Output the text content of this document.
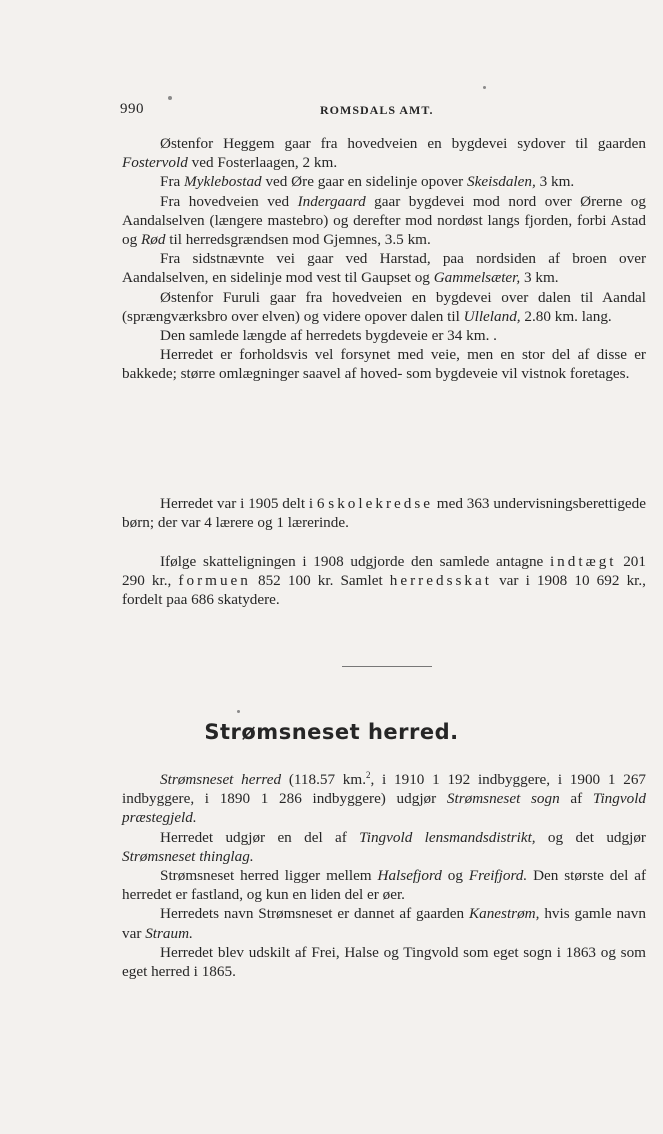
990	ROMSDALS AMT.

Østenfor Heggem gaar fra hovedveien en bygdevei sydover til gaarden Fostervold ved Fosterlaagen, 2 km.

Fra Myklebostad ved Øre gaar en sidelinje opover Skeisdalen, 3 km.

Fra hovedveien ved Indergaard gaar bygdevei mod nord over Ørerne og Aandalselven (længere mastebro) og derefter mod nordøst langs fjorden, forbi Astad og Rød til herredsgrændsen mod Gjemnes, 3.5 km.

Fra sidstnævnte vei gaar ved Harstad, paa nordsiden af broen over Aandalselven, en sidelinje mod vest til Gaupset og Gammelsæter, 3 km.

Østenfor Furuli gaar fra hovedveien en bygdevei over dalen til Aandal (sprængværksbro over elven) og videre opover dalen til Ulleland, 2.80 km. lang.

Den samlede længde af herredets bygdeveie er 34 km. .

Herredet er forholdsvis vel forsynet med veie, men en stor del af disse er bakkede; større omlægninger saavel af hoved- som bygdeveie vil vistnok foretages.

Herredet var i 1905 delt i 6 skolekredse med 363 undervisningsberettigede børn; der var 4 lærere og 1 lærerinde.

Ifølge skatteligningen i 1908 udgjorde den samlede antagne indtægt 201 290 kr., formuen 852 100 kr. Samlet herredsskat var i 1908 10 692 kr., fordelt paa 686 skatydere.

Strømsneset herred.

Strømsneset herred (118.57 km.$^2$, i 1910 1 192 indbyggere, i 1900 1 267 indbyggere, i 1890 1 286 indbyggere) udgjør Strømsneset sogn af Tingvold præstegjeld.

Herredet udgjør en del af Tingvold lensmandsdistrikt, og det udgjør Strømsneset thinglag.

Strømsneset herred ligger mellem Halsefjord og Freifjord. Den største del af herredet er fastland, og kun en liden del er øer.

Herredets navn Strømsneset er dannet af gaarden Kanestrøm, hvis gamle navn var Straum.

Herredet blev udskilt af Frei, Halse og Tingvold som eget sogn i 1863 og som eget herred i 1865.
